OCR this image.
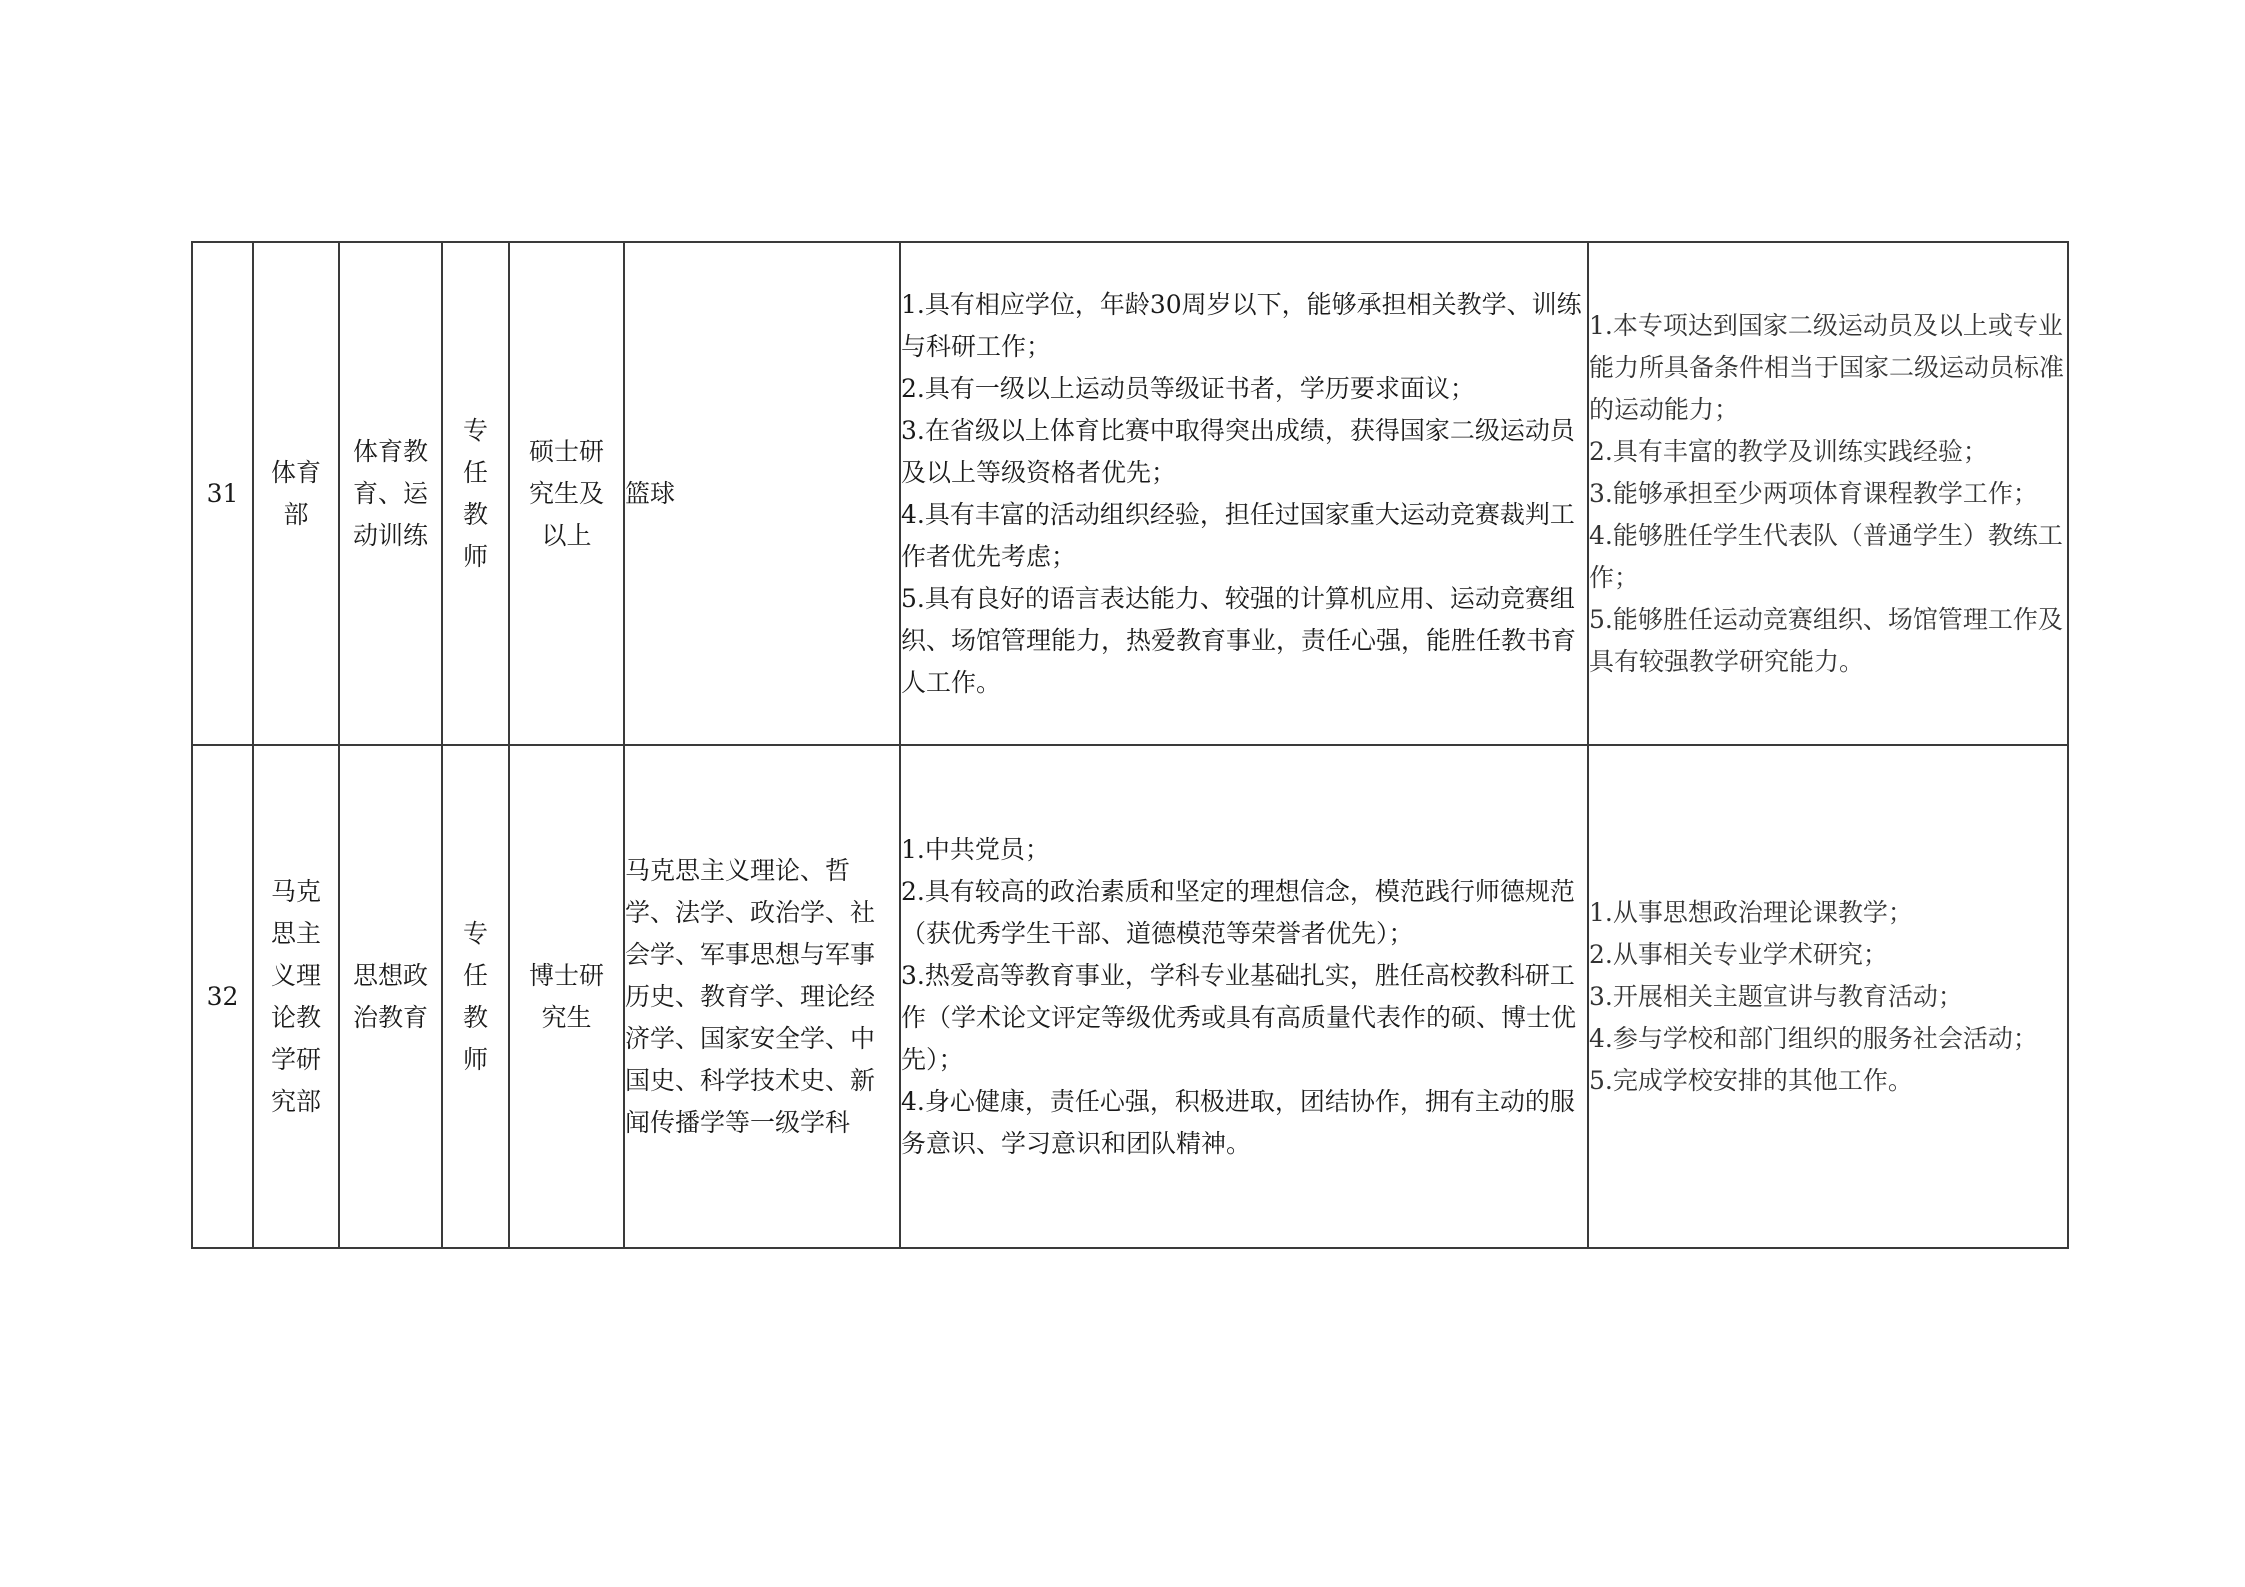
31	体育部	体育教育、运动训练	专任教师	硕士研究生及以上	篮球	1.具有相应学位，年龄30周岁以下，能够承担相关教学、训练与科研工作；
2.具有一级以上运动员等级证书者，学历要求面议；
3.在省级以上体育比赛中取得突出成绩，获得国家二级运动员及以上等级资格者优先；
4.具有丰富的活动组织经验，担任过国家重大运动竞赛裁判工作者优先考虑；
5.具有良好的语言表达能力、较强的计算机应用、运动竞赛组织、场馆管理能力，热爱教育事业，责任心强，能胜任教书育人工作。	1.本专项达到国家二级运动员及以上或专业能力所具备条件相当于国家二级运动员标准的运动能力；
2.具有丰富的教学及训练实践经验；
3.能够承担至少两项体育课程教学工作；
4.能够胜任学生代表队（普通学生）教练工作；
5.能够胜任运动竞赛组织、场馆管理工作及具有较强教学研究能力。

32	马克思主义理论教学研究部	思想政治教育	专任教师	博士研究生	马克思主义理论、哲学、法学、政治学、社会学、军事思想与军事历史、教育学、理论经济学、国家安全学、中国史、科学技术史、新闻传播学等一级学科	1.中共党员；
2.具有较高的政治素质和坚定的理想信念，模范践行师德规范（获优秀学生干部、道德模范等荣誉者优先）；
3.热爱高等教育事业，学科专业基础扎实，胜任高校教科研工作（学术论文评定等级优秀或具有高质量代表作的硕、博士优先）；
4.身心健康，责任心强，积极进取，团结协作，拥有主动的服务意识、学习意识和团队精神。	1.从事思想政治理论课教学；
2.从事相关专业学术研究；
3.开展相关主题宣讲与教育活动；
4.参与学校和部门组织的服务社会活动；
5.完成学校安排的其他工作。
